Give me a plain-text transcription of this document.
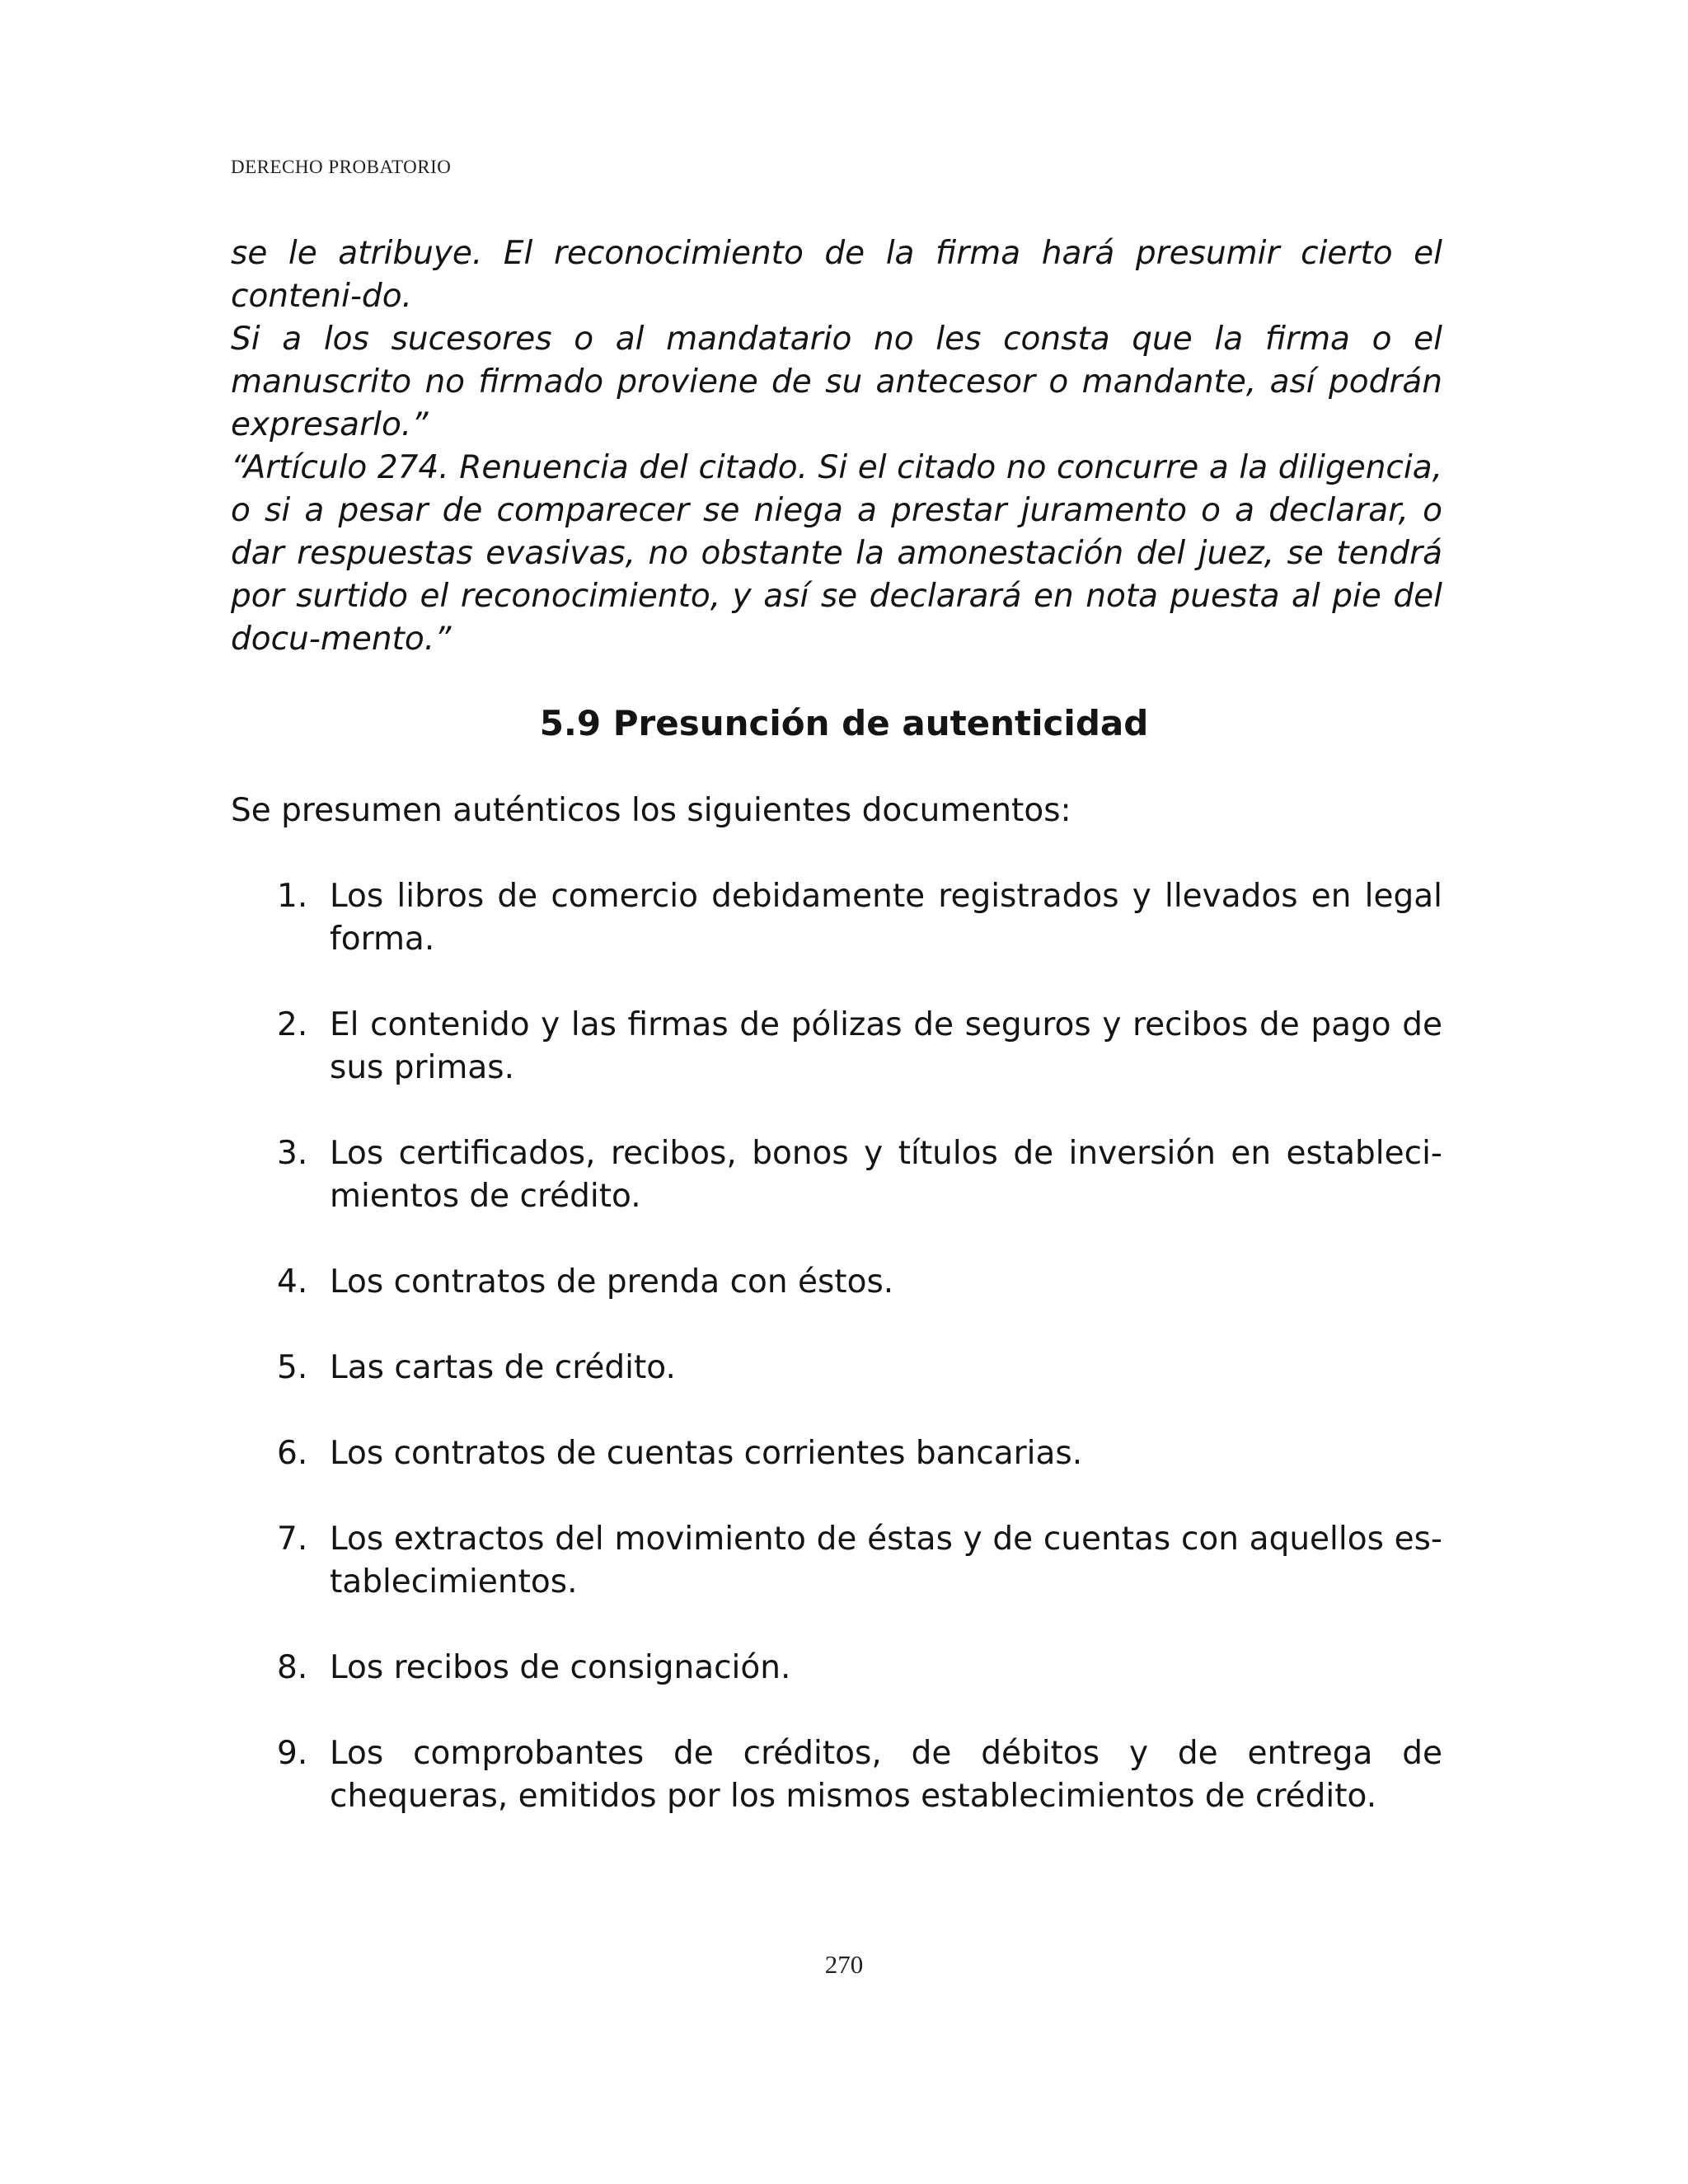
DERECHO PROBATORIO

se le atribuye. El reconocimiento de la firma hará presumir cierto el conteni-do.

Si a los sucesores o al mandatario no les consta que la firma o el manuscrito no firmado proviene de su antecesor o mandante, así podrán expresarlo.”

“Artículo 274. Renuencia del citado. Si el citado no concurre a la diligencia, o si a pesar de comparecer se niega a prestar juramento o a declarar, o dar respuestas evasivas, no obstante la amonestación del juez, se tendrá por surtido el reconocimiento, y así se declarará en nota puesta al pie del docu-mento.”

5.9 Presunción de autenticidad
Se presumen auténticos los siguientes documentos:
1. Los libros de comercio debidamente registrados y llevados en legal forma.
2. El contenido y las firmas de pólizas de seguros y recibos de pago de sus primas.
3. Los certificados, recibos, bonos y títulos de inversión en estableci-mientos de crédito.
4. Los contratos de prenda con éstos.
5. Las cartas de crédito.
6. Los contratos de cuentas corrientes bancarias.
7. Los extractos del movimiento de éstas y de cuentas con aquellos es-tablecimientos.
8. Los recibos de consignación.
9. Los comprobantes de créditos, de débitos y de entrega de chequeras, emitidos por los mismos establecimientos de crédito.
270
